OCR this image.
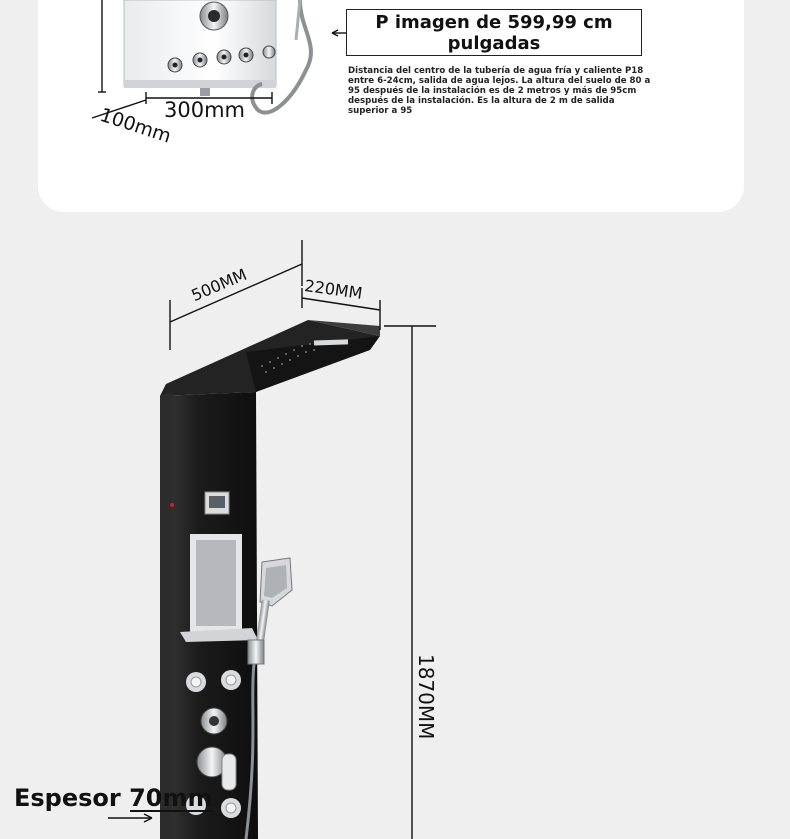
P imagen de 599,99 cm pulgadas
Distancia del centro de la tubería de agua fría y caliente P18 entre 6-24cm, salida de agua lejos. La altura del suelo de 80 a 95 después de la instalación es de 2 metros y más de 95cm después de la instalación. Es la altura de 2 m de salida superior a 95
300mm
100mm
500MM	220MM
1870MM
Espesor 70mm
